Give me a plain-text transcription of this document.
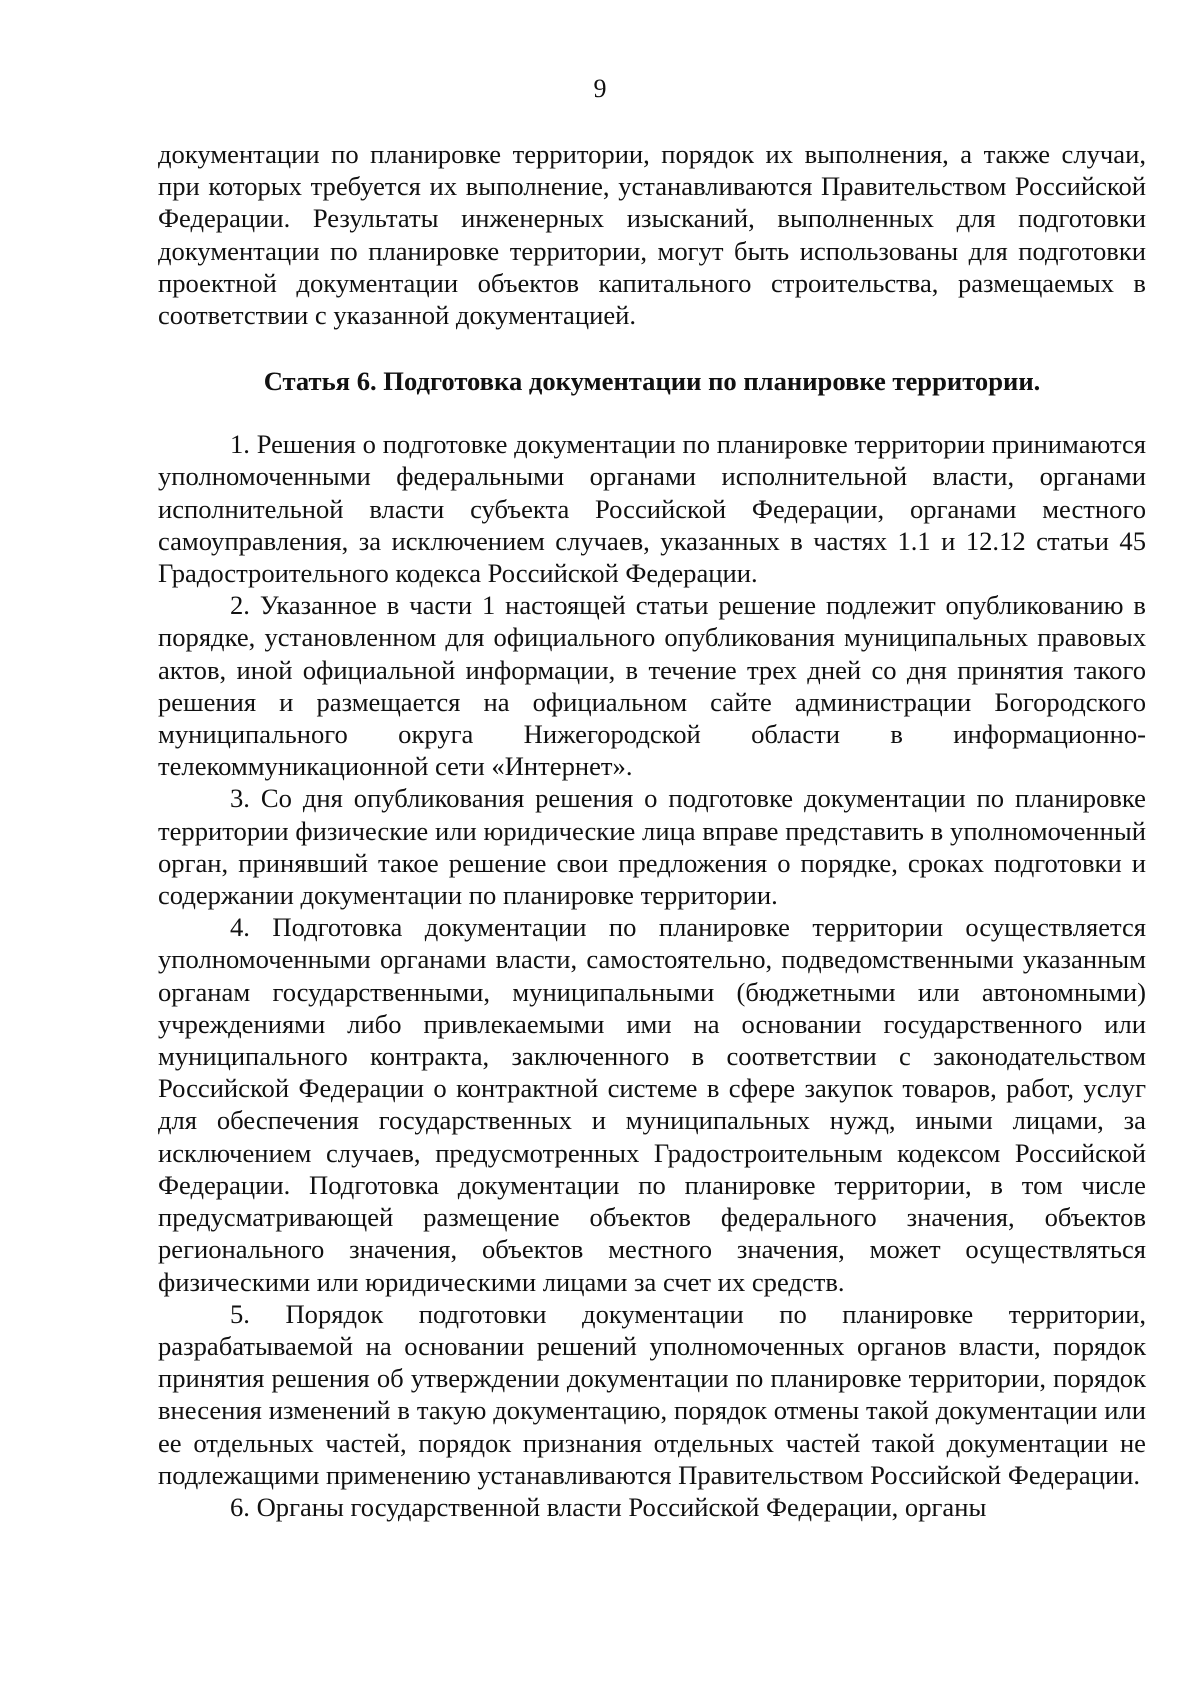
9

документации по планировке территории, порядок их выполнения, а также случаи, при которых требуется их выполнение, устанавливаются Правительством Российской Федерации. Результаты инженерных изысканий, выполненных для подготовки документации по планировке территории, могут быть использованы для подготовки проектной документации объектов капитального строительства, размещаемых в соответствии с указанной документацией.

Статья 6. Подготовка документации по планировке территории.

1. Решения о подготовке документации по планировке территории принимаются уполномоченными федеральными органами исполнительной власти, органами исполнительной власти субъекта Российской Федерации, органами местного самоуправления, за исключением случаев, указанных в частях 1.1 и 12.12 статьи 45 Градостроительного кодекса Российской Федерации.

2. Указанное в части 1 настоящей статьи решение подлежит опубликованию в порядке, установленном для официального опубликования муниципальных правовых актов, иной официальной информации, в течение трех дней со дня принятия такого решения и размещается на официальном сайте администрации Богородского муниципального округа Нижегородской области в информационно-телекоммуникационной сети «Интернет».

3. Со дня опубликования решения о подготовке документации по планировке территории физические или юридические лица вправе представить в уполномоченный орган, принявший такое решение свои предложения о порядке, сроках подготовки и содержании документации по планировке территории.

4. Подготовка документации по планировке территории осуществляется уполномоченными органами власти, самостоятельно, подведомственными указанным органам государственными, муниципальными (бюджетными или автономными) учреждениями либо привлекаемыми ими на основании государственного или муниципального контракта, заключенного в соответствии с законодательством Российской Федерации о контрактной системе в сфере закупок товаров, работ, услуг для обеспечения государственных и муниципальных нужд, иными лицами, за исключением случаев, предусмотренных Градостроительным кодексом Российской Федерации. Подготовка документации по планировке территории, в том числе предусматривающей размещение объектов федерального значения, объектов регионального значения, объектов местного значения, может осуществляться физическими или юридическими лицами за счет их средств.

5. Порядок подготовки документации по планировке территории, разрабатываемой на основании решений уполномоченных органов власти, порядок принятия решения об утверждении документации по планировке территории, порядок внесения изменений в такую документацию, порядок отмены такой документации или ее отдельных частей, порядок признания отдельных частей такой документации не подлежащими применению устанавливаются Правительством Российской Федерации.

6. Органы государственной власти Российской Федерации, органы
